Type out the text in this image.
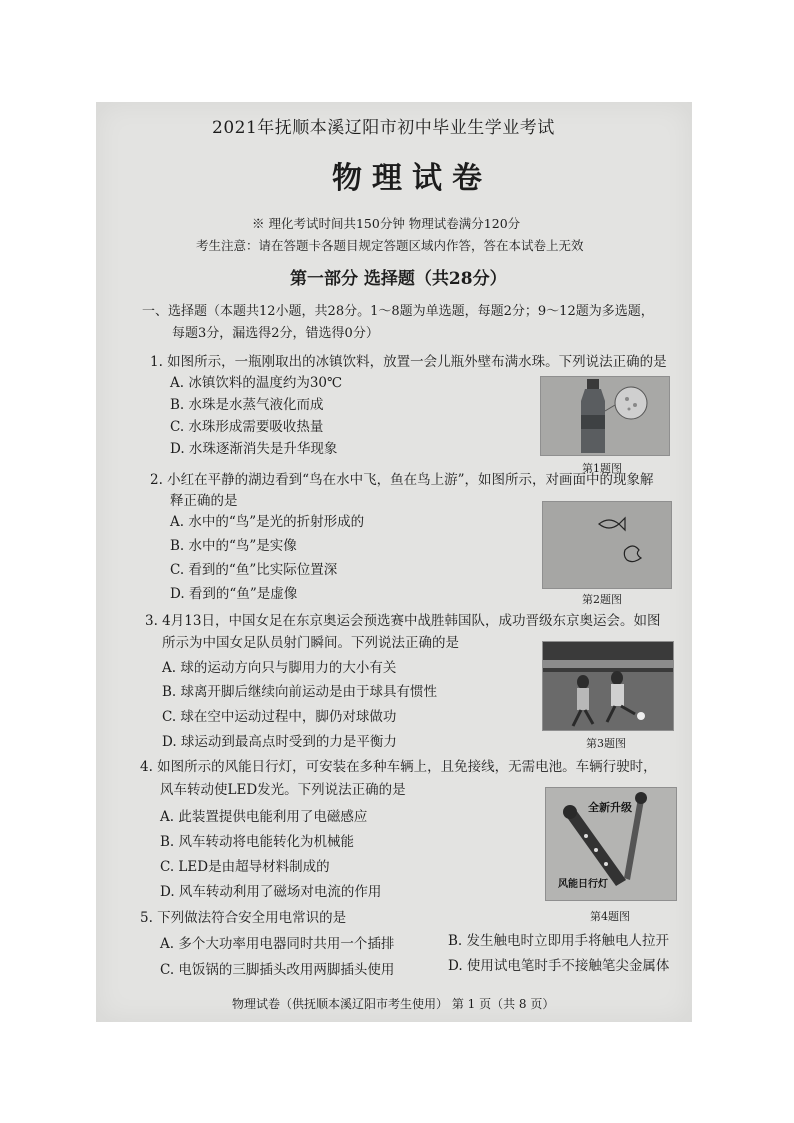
2021年抚顺本溪辽阳市初中毕业生学业考试
物理试卷
※ 理化考试时间共150分钟 物理试卷满分120分
考生注意：请在答题卡各题目规定答题区域内作答，答在本试卷上无效
第一部分 选择题（共28分）
一、选择题（本题共12小题，共28分。1～8题为单选题，每题2分；9～12题为多选题，
每题3分，漏选得2分，错选得0分）
1. 如图所示，一瓶刚取出的冰镇饮料，放置一会儿瓶外壁布满水珠。下列说法正确的是
A. 冰镇饮料的温度约为30℃
B. 水珠是水蒸气液化而成
C. 水珠形成需要吸收热量
D. 水珠逐渐消失是升华现象
第1题图
2. 小红在平静的湖边看到“鸟在水中飞，鱼在鸟上游”，如图所示，对画面中的现象解
释正确的是
A. 水中的“鸟”是光的折射形成的
B. 水中的“鸟”是实像
C. 看到的“鱼”比实际位置深
D. 看到的“鱼”是虚像	第2题图
3. 4月13日，中国女足在东京奥运会预选赛中战胜韩国队，成功晋级东京奥运会。如图
所示为中国女足队员射门瞬间。下列说法正确的是
A. 球的运动方向只与脚用力的大小有关
B. 球离开脚后继续向前运动是由于球具有惯性
C. 球在空中运动过程中，脚仍对球做功
D. 球运动到最高点时受到的力是平衡力	第3题图
4. 如图所示的风能日行灯，可安装在多种车辆上，且免接线，无需电池。车辆行驶时，
风车转动使LED发光。下列说法正确的是
A. 此装置提供电能利用了电磁感应
B. 风车转动将电能转化为机械能
C. LED是由超导材料制成的
D. 风车转动利用了磁场对电流的作用
全新升级
风能日行灯
第4题图
5. 下列做法符合安全用电常识的是
A. 多个大功率用电器同时共用一个插排	B. 发生触电时立即用手将触电人拉开
C. 电饭锅的三脚插头改用两脚插头使用	D. 使用试电笔时手不接触笔尖金属体
物理试卷（供抚顺本溪辽阳市考生使用） 第 1 页（共 8 页）
